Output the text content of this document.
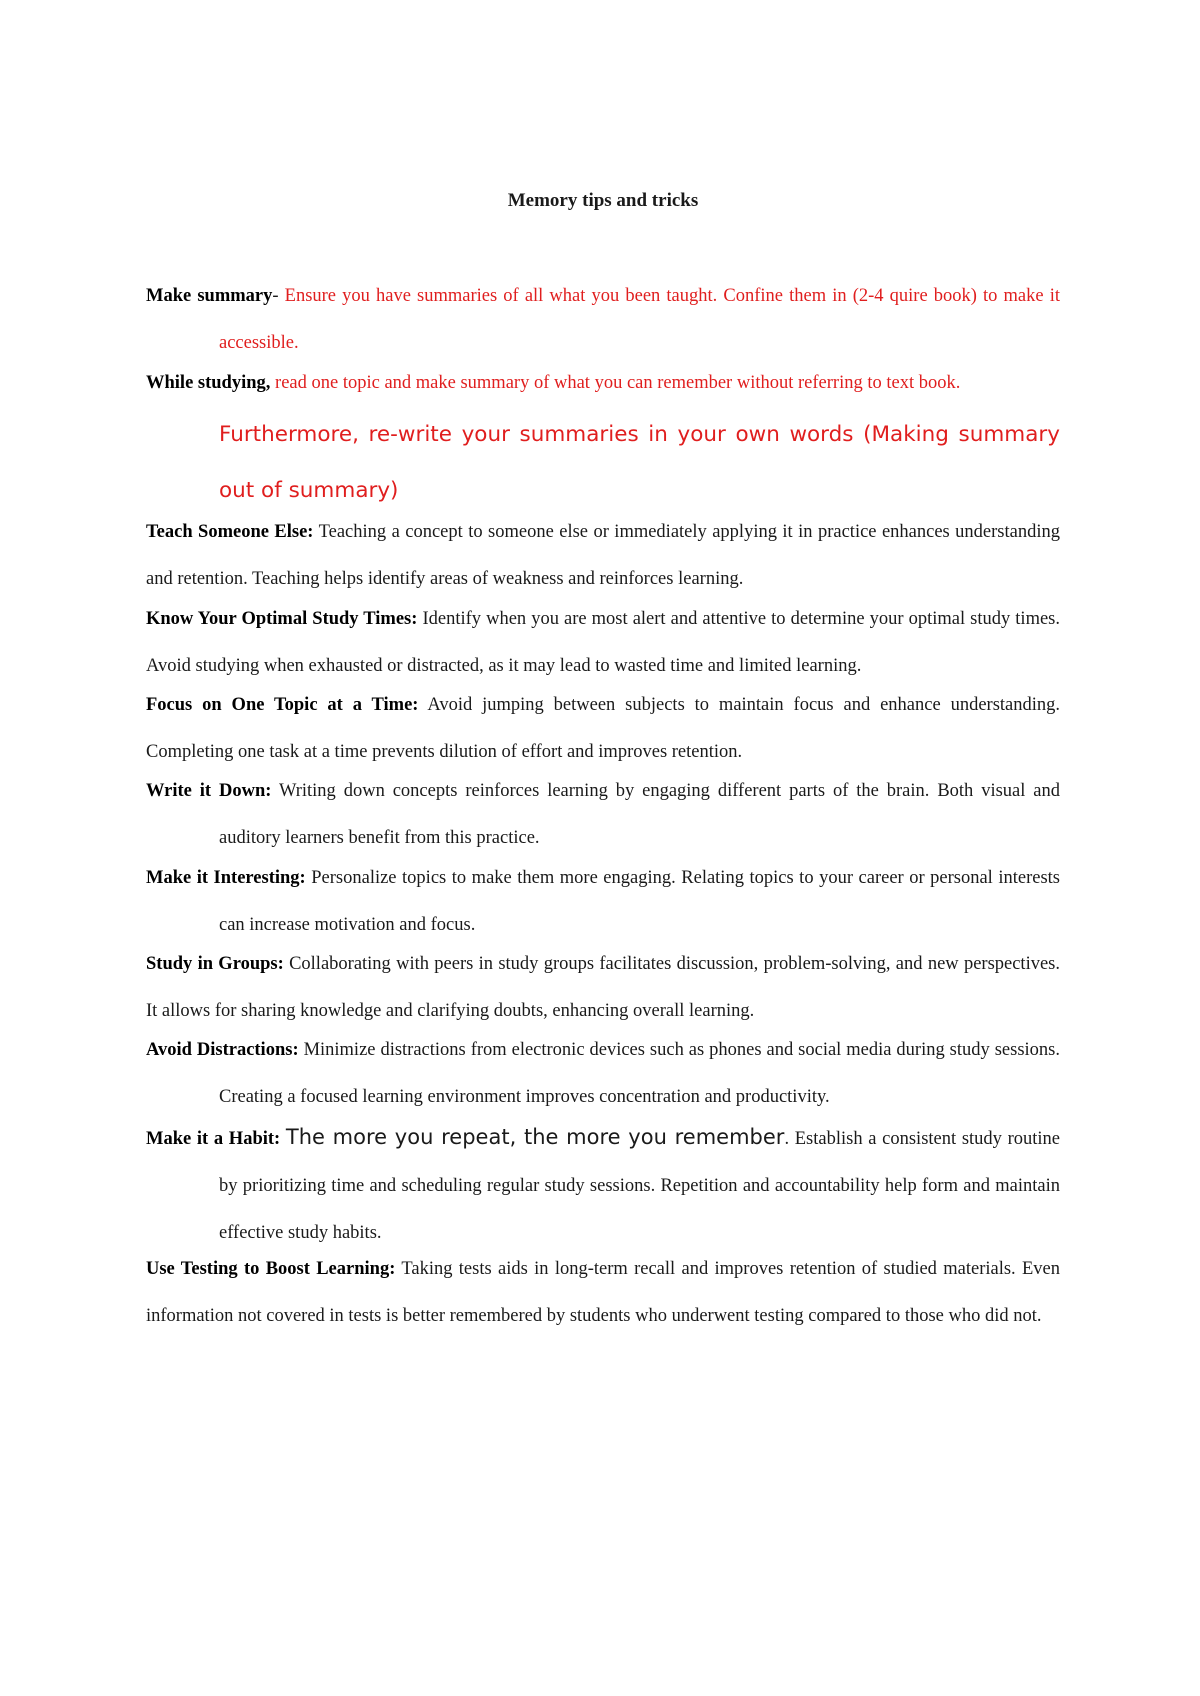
Memory tips and tricks

Make summary- Ensure you have summaries of all what you been taught. Confine them in (2-4 quire book) to make it accessible.

While studying, read one topic and make summary of what you can remember without referring to text book.

Furthermore, re-write your summaries in your own words (Making summary out of summary)

Teach Someone Else: Teaching a concept to someone else or immediately applying it in practice enhances understanding and retention. Teaching helps identify areas of weakness and reinforces learning.

Know Your Optimal Study Times: Identify when you are most alert and attentive to determine your optimal study times. Avoid studying when exhausted or distracted, as it may lead to wasted time and limited learning.

Focus on One Topic at a Time: Avoid jumping between subjects to maintain focus and enhance understanding. Completing one task at a time prevents dilution of effort and improves retention.

Write it Down: Writing down concepts reinforces learning by engaging different parts of the brain. Both visual and auditory learners benefit from this practice.

Make it Interesting: Personalize topics to make them more engaging. Relating topics to your career or personal interests can increase motivation and focus.

Study in Groups: Collaborating with peers in study groups facilitates discussion, problem-solving, and new perspectives. It allows for sharing knowledge and clarifying doubts, enhancing overall learning.

Avoid Distractions: Minimize distractions from electronic devices such as phones and social media during study sessions. Creating a focused learning environment improves concentration and productivity.

Make it a Habit: The more you repeat, the more you remember. Establish a consistent study routine by prioritizing time and scheduling regular study sessions. Repetition and accountability help form and maintain effective study habits.

Use Testing to Boost Learning: Taking tests aids in long-term recall and improves retention of studied materials. Even information not covered in tests is better remembered by students who underwent testing compared to those who did not.
